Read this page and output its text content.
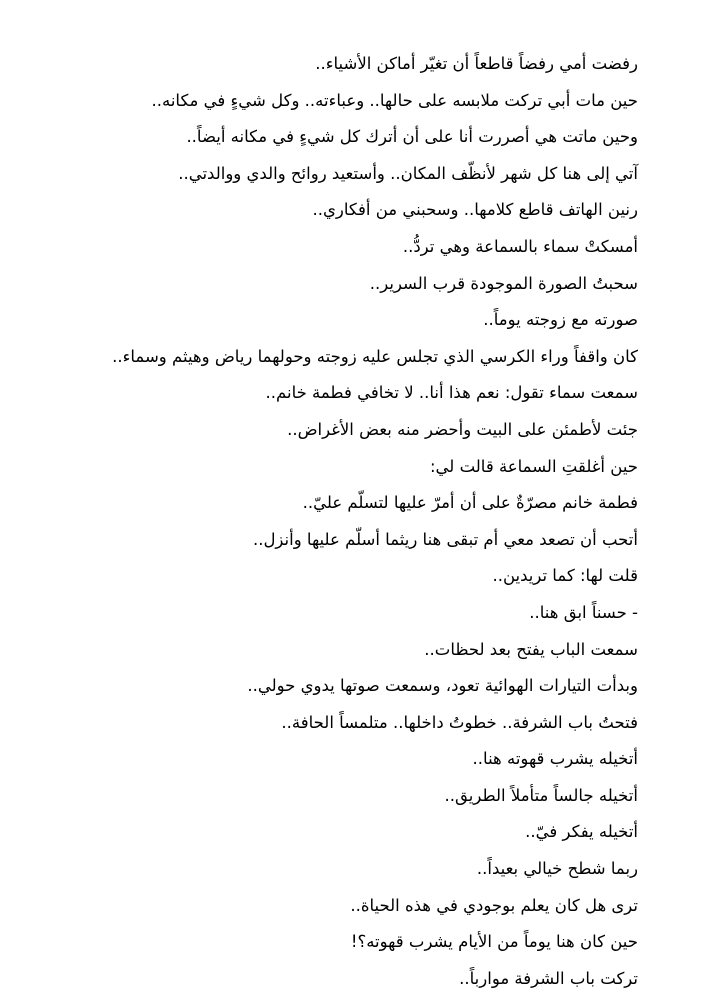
رفضت أمي رفضاً قاطعاً أن تغيّر أماكن الأشياء..
حين مات أبي تركت ملابسه على حالها.. وعباءته.. وكل شيءٍ في مكانه..
وحين ماتت هي أصررت أنا على أن أترك كل شيءٍ في مكانه أيضاً..
آتي إلى هنا كل شهر لأنظّف المكان.. وأستعيد روائح والدي ووالدتي..
رنين الهاتف قاطع كلامها.. وسحبني من أفكاري..
أمسكتْ سماء بالسماعة وهي تردُّ..
سحبتُ الصورة الموجودة قرب السرير..
صورته مع زوجته يوماً..
كان واقفاً وراء الكرسي الذي تجلس عليه زوجته وحولهما رياض وهيثم وسماء..
سمعت سماء تقول: نعم هذا أنا.. لا تخافي فطمة خانم..
جئت لأطمئن على البيت وأحضر منه بعض الأغراض..
حين أغلقتِ السماعة قالت لي:
فطمة خانم مصرّةٌ على أن أمرّ عليها لتسلّم عليّ..
أتحب أن تصعد معي أم تبقى هنا ريثما أسلّم عليها وأنزل..
قلت لها: كما تريدين..
- حسناً ابق هنا..
سمعت الباب يفتح بعد لحظات..
وبدأت التيارات الهوائية تعود، وسمعت صوتها يدوي حولي..
فتحتُ باب الشرفة.. خطوتُ داخلها.. متلمساً الحافة..
أتخيله يشرب قهوته هنا..
أتخيله جالساً متأملاً الطريق..
أتخيله يفكر فيّ..
ربما شطح خيالي بعيداً..
ترى هل كان يعلم بوجودي في هذه الحياة..
حين كان هنا يوماً من الأيام يشرب قهوته؟!
تركت باب الشرفة موارباً..
